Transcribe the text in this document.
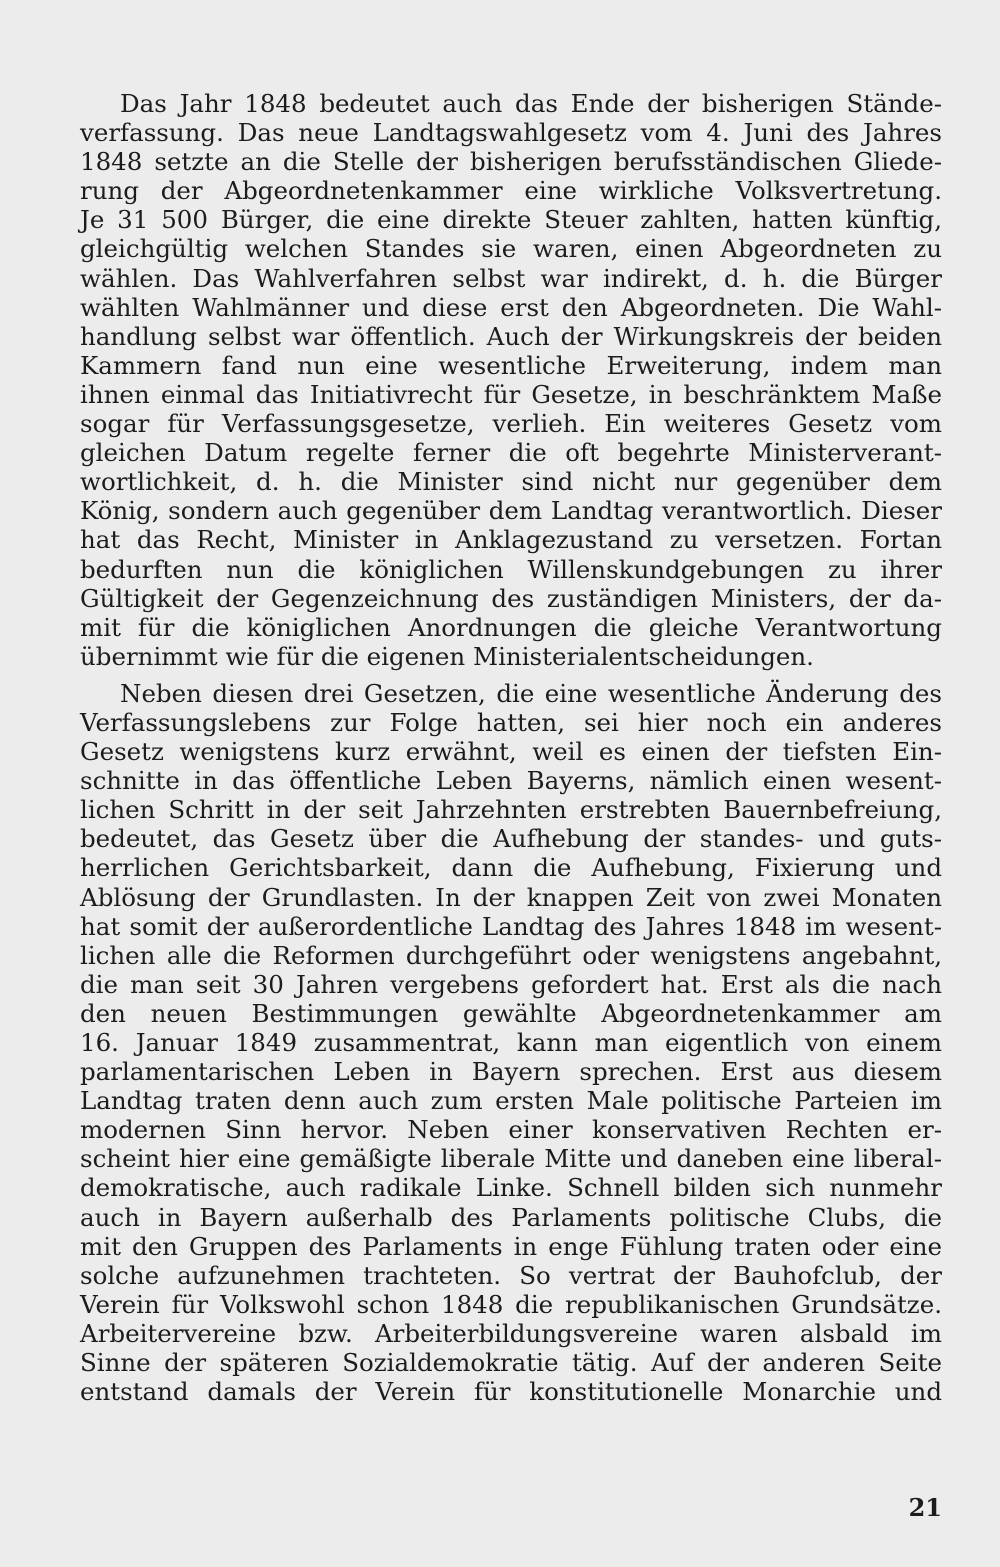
Das Jahr 1848 bedeutet auch das Ende der bisherigen Stände-
verfassung. Das neue Landtagswahlgesetz vom 4. Juni des Jahres
1848 setzte an die Stelle der bisherigen berufsständischen Gliede-
rung der Abgeordnetenkammer eine wirkliche Volksvertretung.
Je 31 500 Bürger, die eine direkte Steuer zahlten, hatten künftig,
gleichgültig welchen Standes sie waren, einen Abgeordneten zu
wählen. Das Wahlverfahren selbst war indirekt, d. h. die Bürger
wählten Wahlmänner und diese erst den Abgeordneten. Die Wahl-
handlung selbst war öffentlich. Auch der Wirkungskreis der beiden
Kammern fand nun eine wesentliche Erweiterung, indem man
ihnen einmal das Initiativrecht für Gesetze, in beschränktem Maße
sogar für Verfassungsgesetze, verlieh. Ein weiteres Gesetz vom
gleichen Datum regelte ferner die oft begehrte Ministerverant-
wortlichkeit, d. h. die Minister sind nicht nur gegenüber dem
König, sondern auch gegenüber dem Landtag verantwortlich. Dieser
hat das Recht, Minister in Anklagezustand zu versetzen. Fortan
bedurften nun die königlichen Willenskundgebungen zu ihrer
Gültigkeit der Gegenzeichnung des zuständigen Ministers, der da-
mit für die königlichen Anordnungen die gleiche Verantwortung
übernimmt wie für die eigenen Ministerialentscheidungen.
Neben diesen drei Gesetzen, die eine wesentliche Änderung des
Verfassungslebens zur Folge hatten, sei hier noch ein anderes
Gesetz wenigstens kurz erwähnt, weil es einen der tiefsten Ein-
schnitte in das öffentliche Leben Bayerns, nämlich einen wesent-
lichen Schritt in der seit Jahrzehnten erstrebten Bauernbefreiung,
bedeutet, das Gesetz über die Aufhebung der standes- und guts-
herrlichen Gerichtsbarkeit, dann die Aufhebung, Fixierung und
Ablösung der Grundlasten. In der knappen Zeit von zwei Monaten
hat somit der außerordentliche Landtag des Jahres 1848 im wesent-
lichen alle die Reformen durchgeführt oder wenigstens angebahnt,
die man seit 30 Jahren vergebens gefordert hat. Erst als die nach
den neuen Bestimmungen gewählte Abgeordnetenkammer am
16. Januar 1849 zusammentrat, kann man eigentlich von einem
parlamentarischen Leben in Bayern sprechen. Erst aus diesem
Landtag traten denn auch zum ersten Male politische Parteien im
modernen Sinn hervor. Neben einer konservativen Rechten er-
scheint hier eine gemäßigte liberale Mitte und daneben eine liberal-
demokratische, auch radikale Linke. Schnell bilden sich nunmehr
auch in Bayern außerhalb des Parlaments politische Clubs, die
mit den Gruppen des Parlaments in enge Fühlung traten oder eine
solche aufzunehmen trachteten. So vertrat der Bauhofclub, der
Verein für Volkswohl schon 1848 die republikanischen Grundsätze.
Arbeitervereine bzw. Arbeiterbildungsvereine waren alsbald im
Sinne der späteren Sozialdemokratie tätig. Auf der anderen Seite
entstand damals der Verein für konstitutionelle Monarchie und
21
